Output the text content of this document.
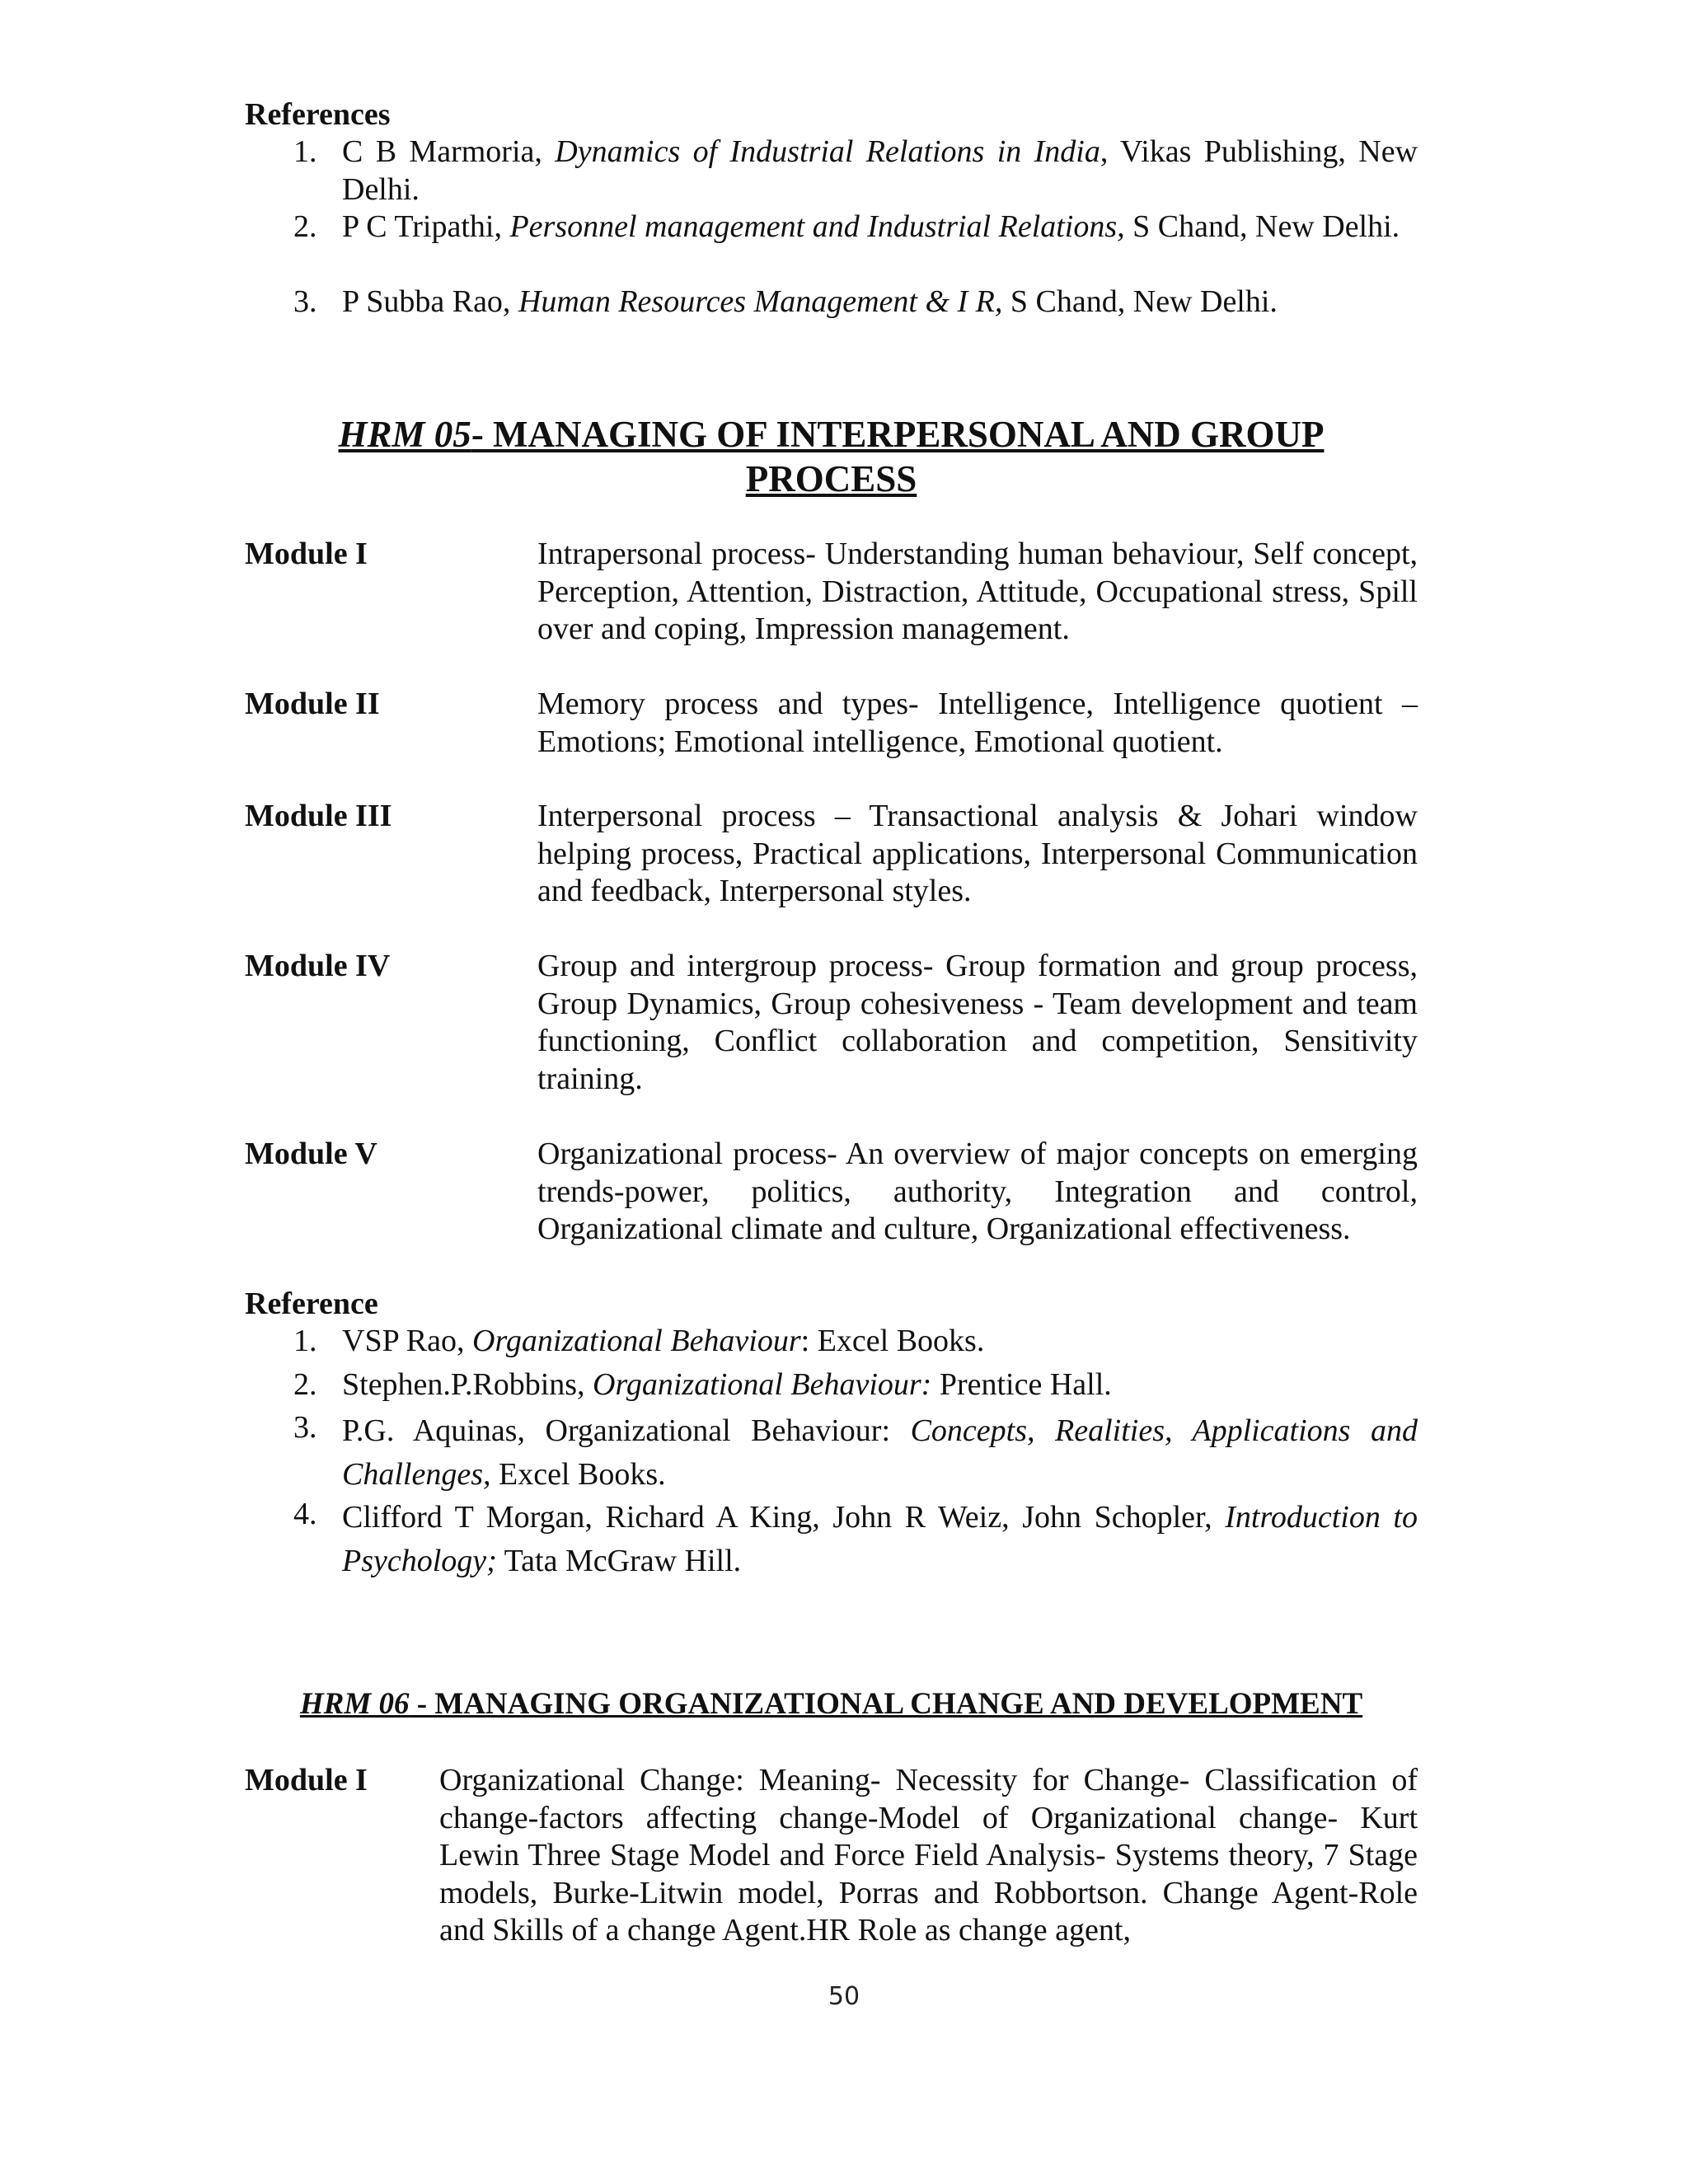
References
1. C B Marmoria, Dynamics of Industrial Relations in India, Vikas Publishing, New Delhi.
2. P C Tripathi, Personnel management and Industrial Relations, S Chand, New Delhi.
3. P Subba Rao, Human Resources Management & I R, S Chand, New Delhi.
HRM 05- MANAGING OF INTERPERSONAL AND GROUP
PROCESS
Module I	Intrapersonal process- Understanding human behaviour, Self concept, Perception, Attention, Distraction, Attitude, Occupational stress, Spill over and coping, Impression management.
Module II	Memory process and types- Intelligence, Intelligence quotient – Emotions; Emotional intelligence, Emotional quotient.
Module III	Interpersonal process – Transactional analysis & Johari window helping process, Practical applications, Interpersonal Communication and feedback, Interpersonal styles.
Module IV	Group and intergroup process- Group formation and group process, Group Dynamics, Group cohesiveness - Team development and team functioning, Conflict collaboration and competition, Sensitivity training.
Module V	Organizational process- An overview of major concepts on emerging trends-power, politics, authority, Integration and control, Organizational climate and culture, Organizational effectiveness.
Reference
1. VSP Rao, Organizational Behaviour: Excel Books.
2. Stephen.P.Robbins, Organizational Behaviour: Prentice Hall.
3. P.G. Aquinas, Organizational Behaviour: Concepts, Realities, Applications and Challenges, Excel Books.
4. Clifford T Morgan, Richard A King, John R Weiz, John Schopler, Introduction to Psychology; Tata McGraw Hill.
HRM 06 - MANAGING ORGANIZATIONAL CHANGE AND DEVELOPMENT
Module I Organizational Change: Meaning- Necessity for Change- Classification of change-factors affecting change-Model of Organizational change- Kurt Lewin Three Stage Model and Force Field Analysis- Systems theory, 7 Stage models, Burke-Litwin model, Porras and Robbortson. Change Agent-Role and Skills of a change Agent.HR Role as change agent,
50
